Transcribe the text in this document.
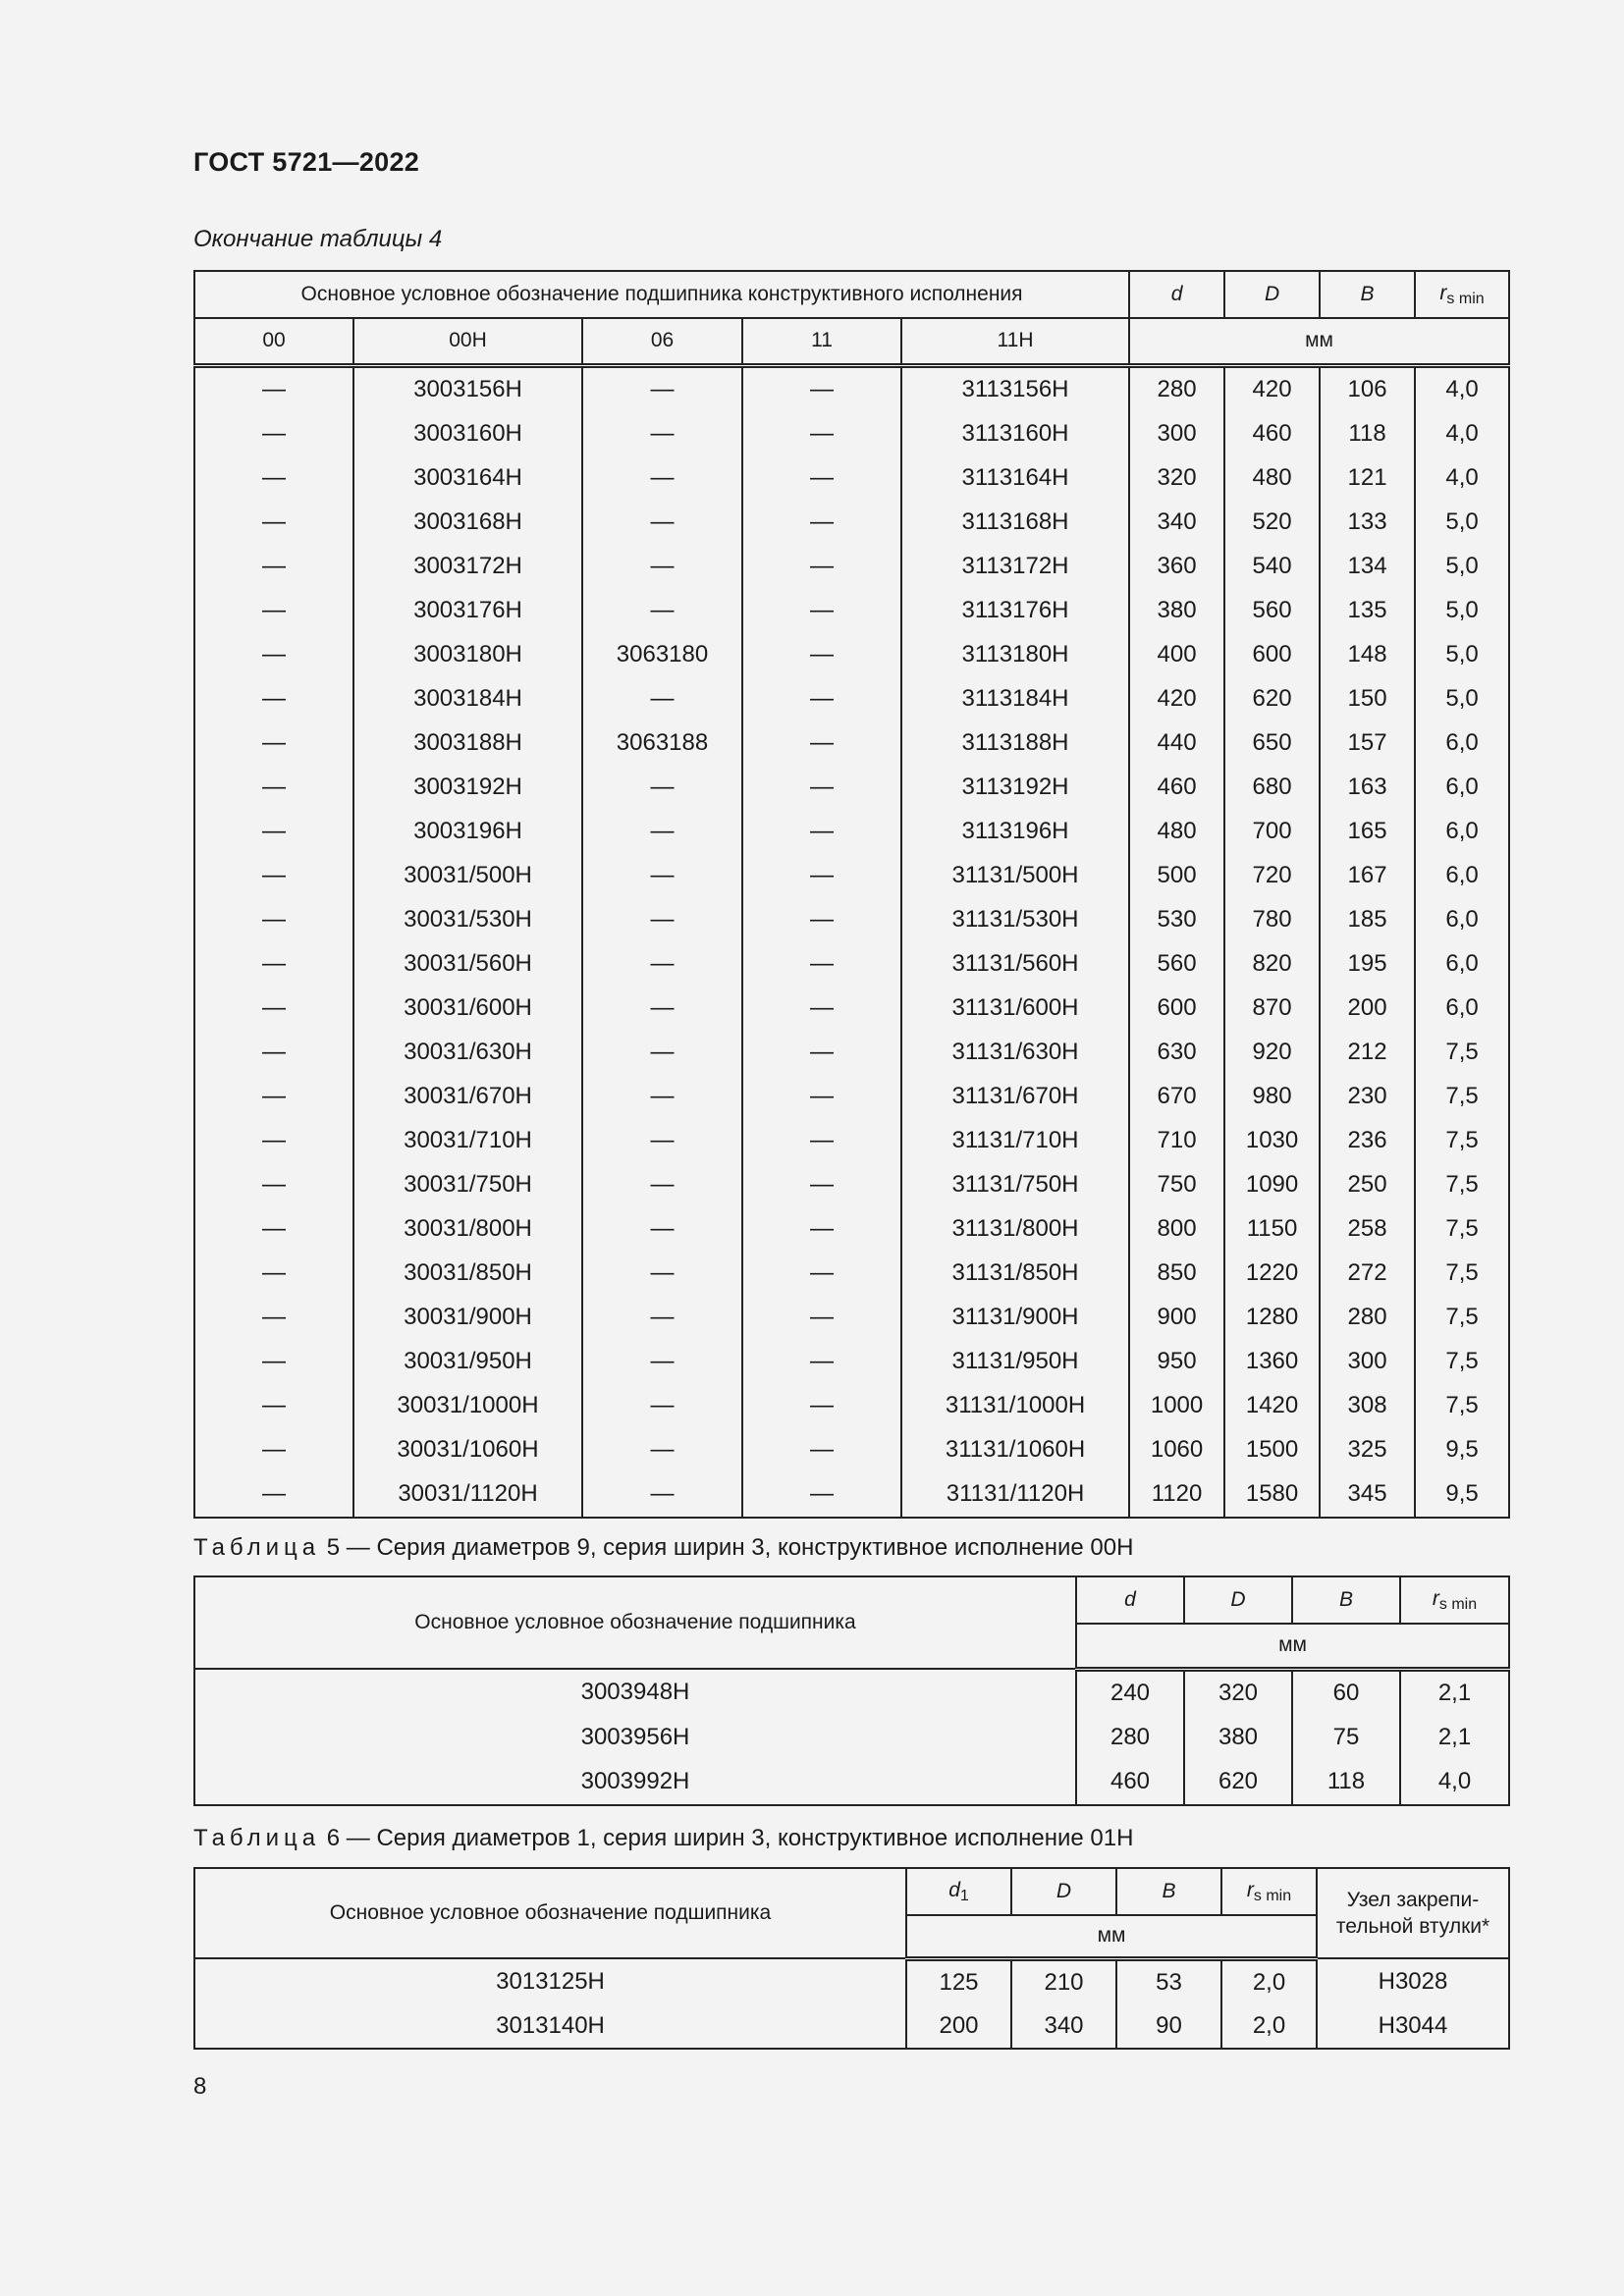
ГОСТ 5721—2022
Окончание таблицы 4
Основное условное обозначение подшипника конструктивного исполнения					d	D	B	$r_{s min}$
00	00Н	06	11	11Н	мм			
—	3003156Н	—	—	3113156Н	280	420	106	4,0
—	3003160Н	—	—	3113160Н	300	460	118	4,0
—	3003164Н	—	—	3113164Н	320	480	121	4,0
—	3003168Н	—	—	3113168Н	340	520	133	5,0
—	3003172Н	—	—	3113172Н	360	540	134	5,0
—	3003176Н	—	—	3113176Н	380	560	135	5,0
—	3003180Н	3063180	—	3113180Н	400	600	148	5,0
—	3003184Н	—	—	3113184Н	420	620	150	5,0
—	3003188Н	3063188	—	3113188Н	440	650	157	6,0
—	3003192Н	—	—	3113192Н	460	680	163	6,0
—	3003196Н	—	—	3113196Н	480	700	165	6,0
—	30031/500Н	—	—	31131/500Н	500	720	167	6,0
—	30031/530Н	—	—	31131/530Н	530	780	185	6,0
—	30031/560Н	—	—	31131/560Н	560	820	195	6,0
—	30031/600Н	—	—	31131/600Н	600	870	200	6,0
—	30031/630Н	—	—	31131/630Н	630	920	212	7,5
—	30031/670Н	—	—	31131/670Н	670	980	230	7,5
—	30031/710Н	—	—	31131/710Н	710	1030	236	7,5
—	30031/750Н	—	—	31131/750Н	750	1090	250	7,5
—	30031/800Н	—	—	31131/800Н	800	1150	258	7,5
—	30031/850Н	—	—	31131/850Н	850	1220	272	7,5
—	30031/900Н	—	—	31131/900Н	900	1280	280	7,5
—	30031/950Н	—	—	31131/950Н	950	1360	300	7,5
—	30031/1000Н	—	—	31131/1000Н	1000	1420	308	7,5
—	30031/1060Н	—	—	31131/1060Н	1060	1500	325	9,5
—	30031/1120Н	—	—	31131/1120Н	1120	1580	345	9,5
Таблица 5 — Серия диаметров 9, серия ширин 3, конструктивное исполнение 00Н
Основное условное обозначение подшипника	d	D	B	$r_{s min}$
	мм			
3003948Н	240	320	60	2,1
3003956Н	280	380	75	2,1
3003992Н	460	620	118	4,0
Таблица 6 — Серия диаметров 1, серия ширин 3, конструктивное исполнение 01Н
Основное условное обозначение подшипника	$d_1$	D	B	$r_{s min}$	Узел закрепи-тельной втулки*
	мм				
3013125Н	125	210	53	2,0	Н3028
3013140Н	200	340	90	2,0	Н3044
8
